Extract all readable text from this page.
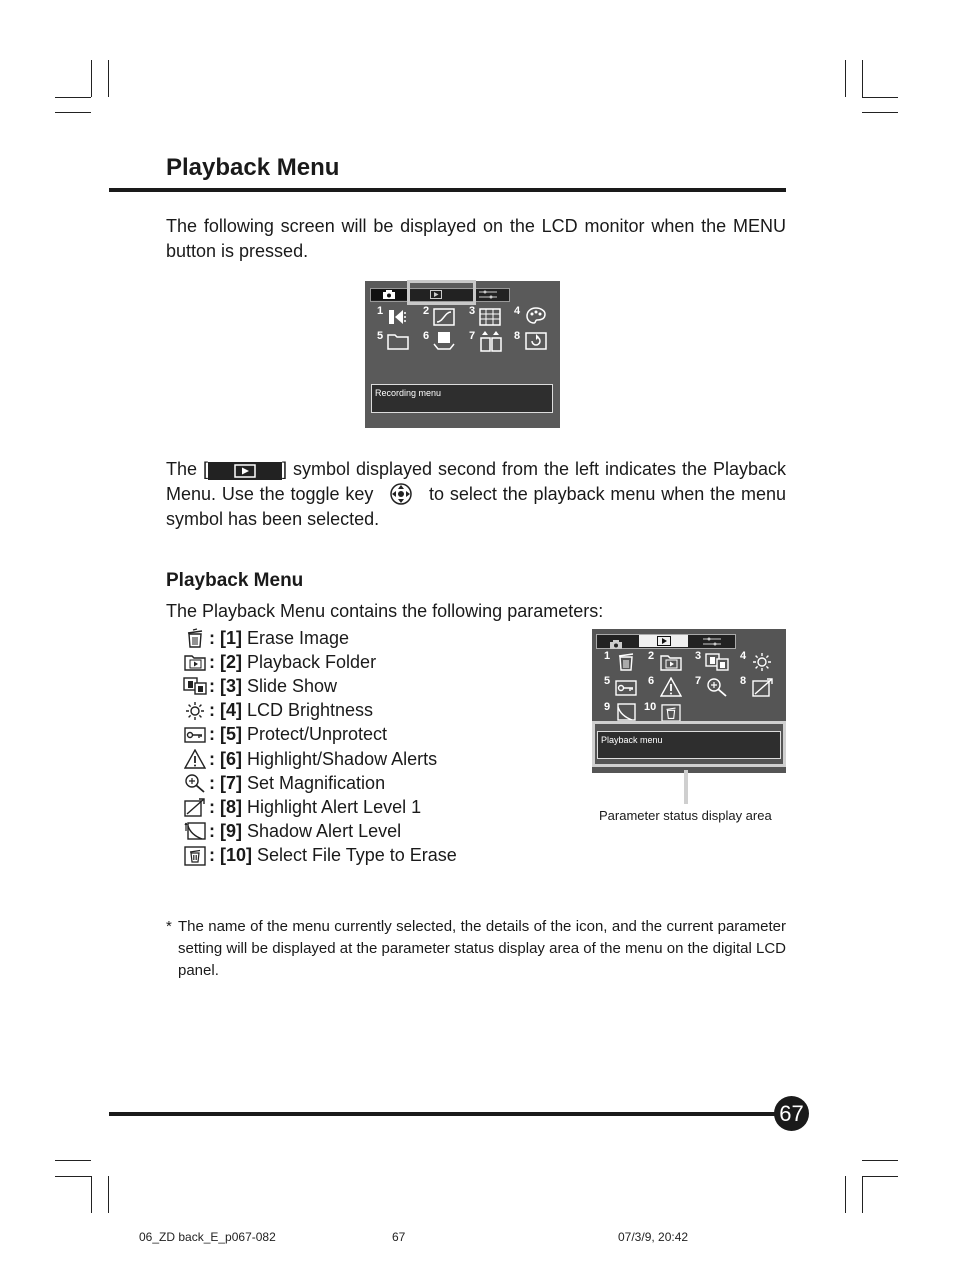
Playback Menu

The following screen will be displayed on the LCD monitor when the MENU button is pressed.

1	2	3	4
5	6	7	8
Recording menu
The [	] symbol displayed second from the left indicates the Playback Menu. Use the toggle key	to select the playback menu when the menu symbol has been selected.
Playback Menu

The Playback Menu contains the following parameters:

: [1] Erase Image
: [2] Playback Folder
: [3] Slide Show
: [4] LCD Brightness
: [5] Protect/Unprotect
: [6] Highlight/Shadow Alerts
: [7] Set Magnification
: [8] Highlight Alert Level 1
: [9] Shadow Alert Level
: [10] Select File Type to Erase
1	2	3	4
5	6	7	8
9	10
Playback menu
Parameter status display area
* The name of the menu currently selected, the details of the icon, and the current parameter setting will be displayed at the parameter status display area of the menu on the digital LCD panel.
67
06_ZD back_E_p067-082	67	07/3/9, 20:42
